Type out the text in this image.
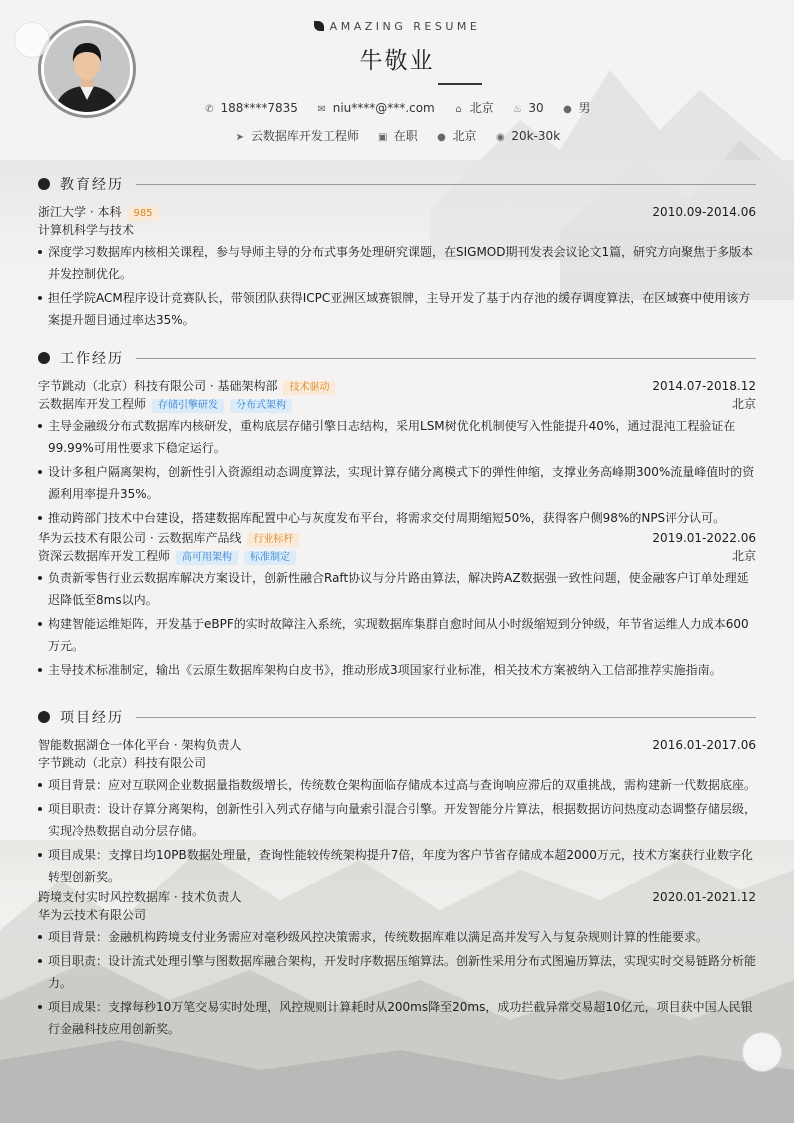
AMAZING RESUME
牛敬业
✆ 188****7835 ✉ niu****@***.com ⌂ 北京 ♨ 30 ● 男
➤ 云数据库开发工程师 ▣ 在职 ● 北京 ◉ 20k-30k
教育经历
浙江大学 · 本科 985	2010.09-2014.06
计算机科学与技术
深度学习数据库内核相关课程，参与导师主导的分布式事务处理研究课题，在SIGMOD期刊发表会议论文1篇，研究方向聚焦于多版本并发控制优化。
担任学院ACM程序设计竞赛队长，带领团队获得ICPC亚洲区域赛银牌，主导开发了基于内存池的缓存调度算法，在区域赛中使用该方案提升题目通过率达35%。
工作经历
字节跳动（北京）科技有限公司 · 基础架构部 技术驱动	2014.07-2018.12
云数据库开发工程师 存储引擎研发 分布式架构	北京
主导金融级分布式数据库内核研发，重构底层存储引擎日志结构，采用LSM树优化机制使写入性能提升40%，通过混沌工程验证在99.99%可用性要求下稳定运行。
设计多租户隔离架构，创新性引入资源组动态调度算法，实现计算存储分离模式下的弹性伸缩，支撑业务高峰期300%流量峰值时的资源利用率提升35%。
推动跨部门技术中台建设，搭建数据库配置中心与灰度发布平台，将需求交付周期缩短50%，获得客户侧98%的NPS评分认可。
华为云技术有限公司 · 云数据库产品线 行业标杆	2019.01-2022.06
资深云数据库开发工程师 高可用架构 标准制定	北京
负责新零售行业云数据库解决方案设计，创新性融合Raft协议与分片路由算法，解决跨AZ数据强一致性问题，使金融客户订单处理延迟降低至8ms以内。
构建智能运维矩阵，开发基于eBPF的实时故障注入系统，实现数据库集群自愈时间从小时级缩短到分钟级，年节省运维人力成本600万元。
主导技术标准制定，输出《云原生数据库架构白皮书》，推动形成3项国家行业标准，相关技术方案被纳入工信部推荐实施指南。
项目经历
智能数据湖仓一体化平台 · 架构负责人	2016.01-2017.06
字节跳动（北京）科技有限公司
项目背景：应对互联网企业数据量指数级增长，传统数仓架构面临存储成本过高与查询响应滞后的双重挑战，需构建新一代数据底座。
项目职责：设计存算分离架构，创新性引入列式存储与向量索引混合引擎。开发智能分片算法，根据数据访问热度动态调整存储层级，实现冷热数据自动分层存储。
项目成果：支撑日均10PB数据处理量，查询性能较传统架构提升7倍，年度为客户节省存储成本超2000万元，技术方案获行业数字化转型创新奖。
跨境支付实时风控数据库 · 技术负责人	2020.01-2021.12
华为云技术有限公司
项目背景：金融机构跨境支付业务需应对毫秒级风控决策需求，传统数据库难以满足高并发写入与复杂规则计算的性能要求。
项目职责：设计流式处理引擎与图数据库融合架构，开发时序数据压缩算法。创新性采用分布式图遍历算法，实现实时交易链路分析能力。
项目成果：支撑每秒10万笔交易实时处理，风控规则计算耗时从200ms降至20ms，成功拦截异常交易超10亿元，项目获中国人民银行金融科技应用创新奖。
